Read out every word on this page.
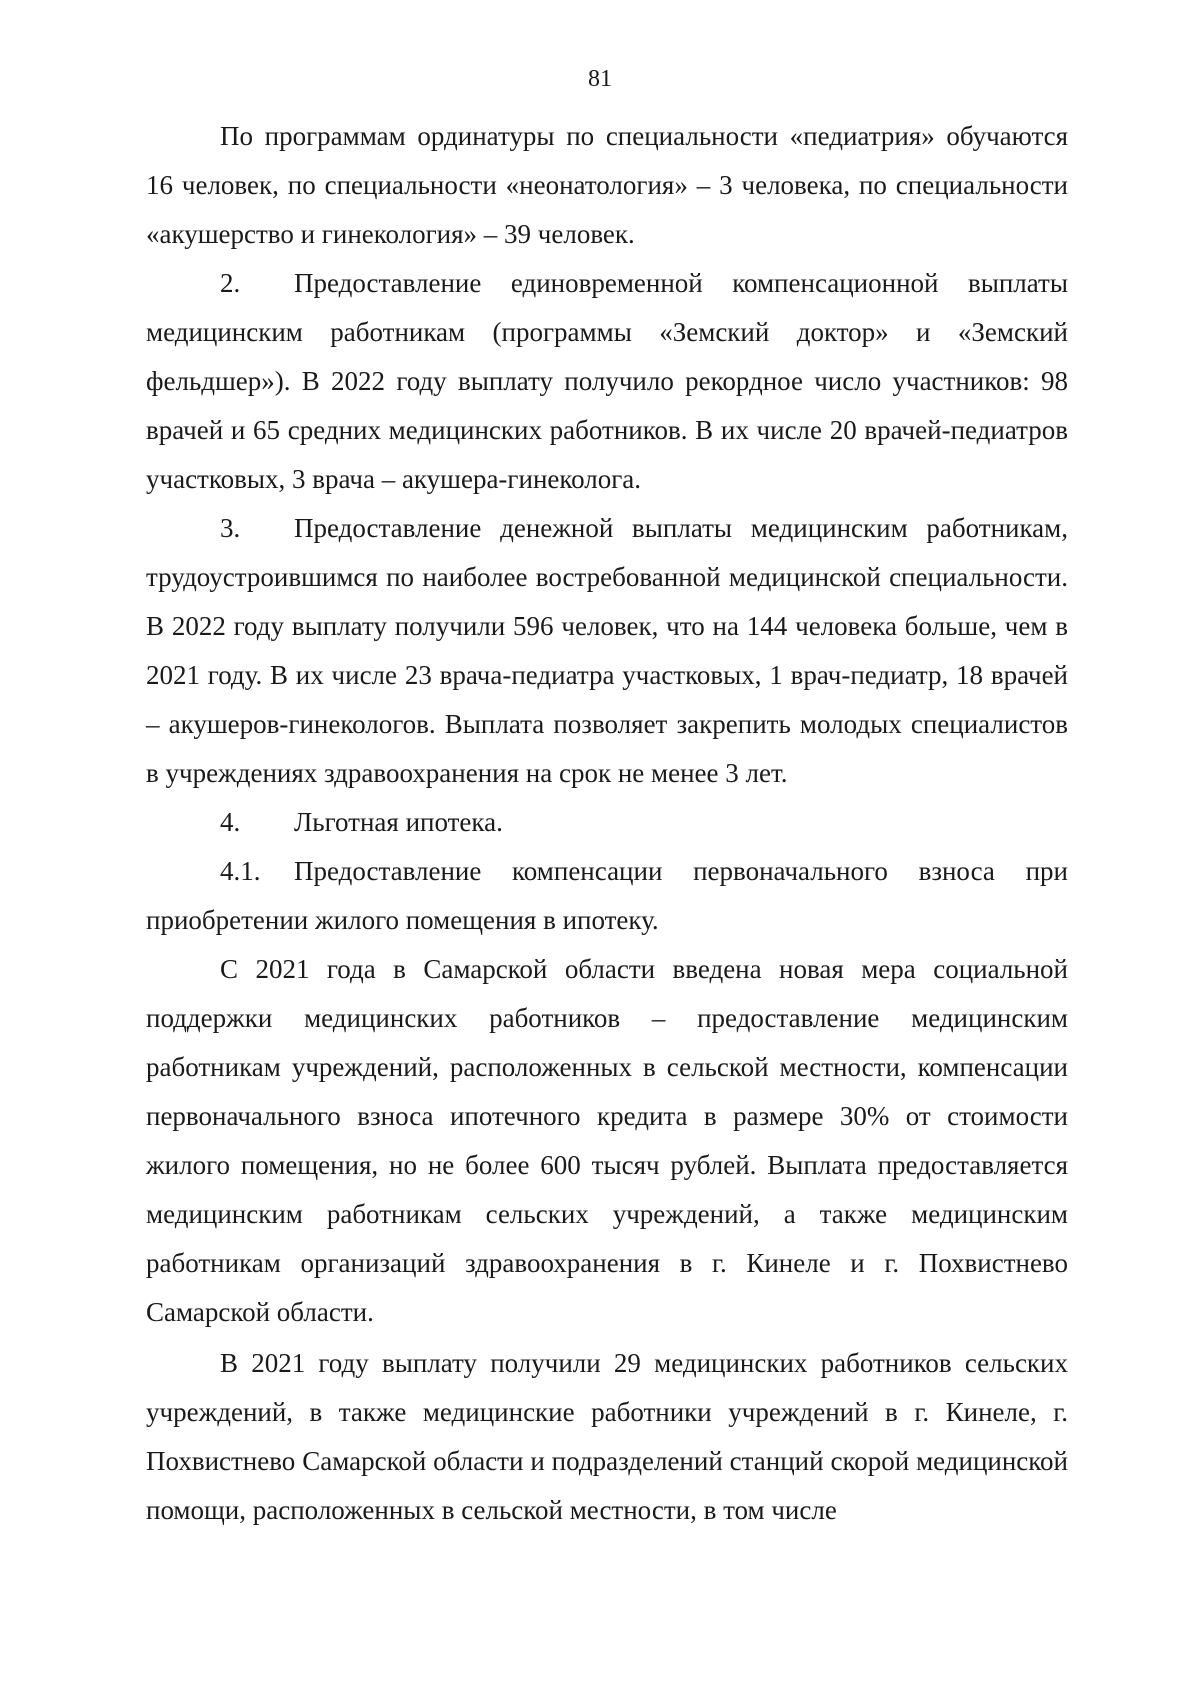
81

По программам ординатуры по специальности «педиатрия» обучаются 16 человек, по специальности «неонатология» – 3 человека, по специальности «акушерство и гинекология» – 39 человек.

2. Предоставление единовременной компенсационной выплаты медицинским работникам (программы «Земский доктор» и «Земский фельдшер»). В 2022 году выплату получило рекордное число участников: 98 врачей и 65 средних медицинских работников. В их числе 20 врачей-педиатров участковых, 3 врача – акушера-гинеколога.

3. Предоставление денежной выплаты медицинским работникам, трудоустроившимся по наиболее востребованной медицинской специальности. В 2022 году выплату получили 596 человек, что на 144 человека больше, чем в 2021 году. В их числе 23 врача-педиатра участковых, 1 врач-педиатр, 18 врачей – акушеров-гинекологов. Выплата позволяет закрепить молодых специалистов в учреждениях здравоохранения на срок не менее 3 лет.

4. Льготная ипотека.

4.1. Предоставление компенсации первоначального взноса при приобретении жилого помещения в ипотеку.

С 2021 года в Самарской области введена новая мера социальной поддержки медицинских работников – предоставление медицинским работникам учреждений, расположенных в сельской местности, компенсации первоначального взноса ипотечного кредита в размере 30% от стоимости жилого помещения, но не более 600 тысяч рублей. Выплата предоставляется медицинским работникам сельских учреждений, а также медицинским работникам организаций здравоохранения в г. Кинеле и г. Похвистнево Самарской области.

В 2021 году выплату получили 29 медицинских работников сельских учреждений, в также медицинские работники учреждений в г. Кинеле, г. Похвистнево Самарской области и подразделений станций скорой медицинской помощи, расположенных в сельской местности, в том числе
